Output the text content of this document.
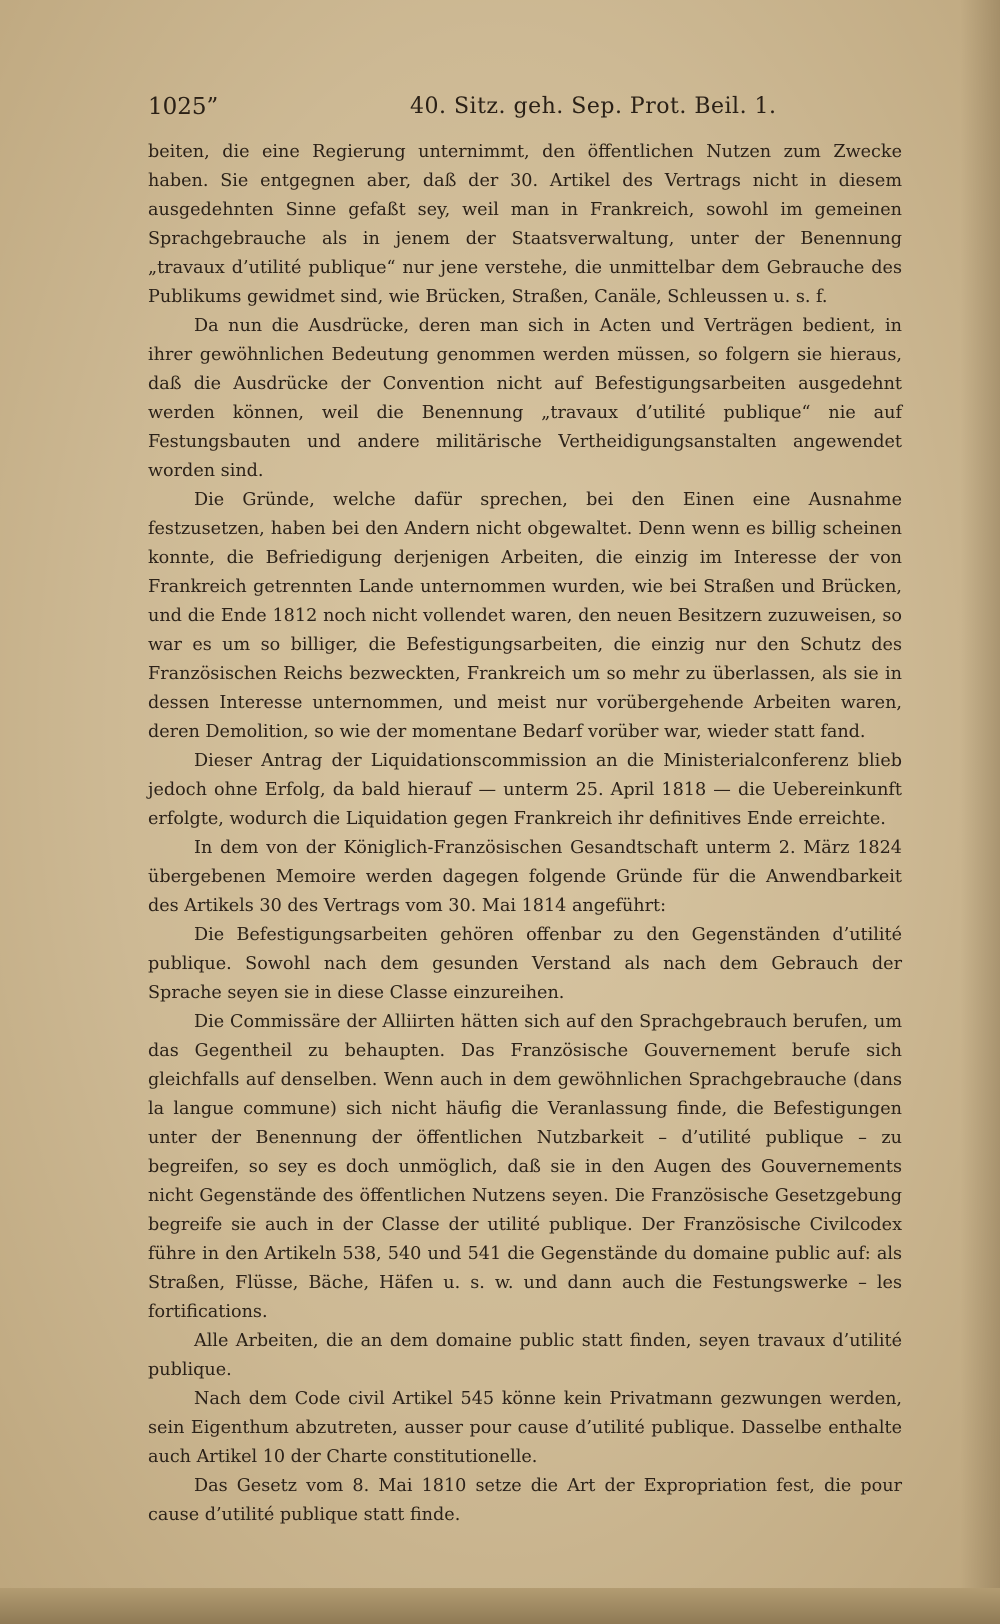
1025”	40. Sitz. geh. Sep. Prot. Beil. 1.

beiten, die eine Regierung unternimmt, den öffentlichen Nutzen zum Zwecke haben. Sie entgegnen aber, daß der 30. Artikel des Vertrags nicht in diesem ausgedehnten Sinne gefaßt sey, weil man in Frankreich, sowohl im gemeinen Sprachgebrauche als in jenem der Staatsverwaltung, unter der Benennung „travaux d’utilité publique“ nur jene verstehe, die unmittelbar dem Gebrauche des Publikums gewidmet sind, wie Brücken, Straßen, Canäle, Schleussen u. s. f.

Da nun die Ausdrücke, deren man sich in Acten und Verträgen bedient, in ihrer gewöhnlichen Bedeutung genommen werden müssen, so folgern sie hieraus, daß die Ausdrücke der Convention nicht auf Befestigungsarbeiten ausgedehnt werden können, weil die Benennung „travaux d’utilité publique“ nie auf Festungsbauten und andere militärische Vertheidigungsanstalten angewendet worden sind.

Die Gründe, welche dafür sprechen, bei den Einen eine Ausnahme festzusetzen, haben bei den Andern nicht obgewaltet. Denn wenn es billig scheinen konnte, die Befriedigung derjenigen Arbeiten, die einzig im Interesse der von Frankreich getrennten Lande unternommen wurden, wie bei Straßen und Brücken, und die Ende 1812 noch nicht vollendet waren, den neuen Besitzern zuzuweisen, so war es um so billiger, die Befestigungsarbeiten, die einzig nur den Schutz des Französischen Reichs bezweckten, Frankreich um so mehr zu überlassen, als sie in dessen Interesse unternommen, und meist nur vorübergehende Arbeiten waren, deren Demolition, so wie der momentane Bedarf vorüber war, wieder statt fand.

Dieser Antrag der Liquidationscommission an die Ministerialconferenz blieb jedoch ohne Erfolg, da bald hierauf — unterm 25. April 1818 — die Uebereinkunft erfolgte, wodurch die Liquidation gegen Frankreich ihr definitives Ende erreichte.

In dem von der Königlich-Französischen Gesandtschaft unterm 2. März 1824 übergebenen Memoire werden dagegen folgende Gründe für die Anwendbarkeit des Artikels 30 des Vertrags vom 30. Mai 1814 angeführt:

Die Befestigungsarbeiten gehören offenbar zu den Gegenständen d’utilité publique. Sowohl nach dem gesunden Verstand als nach dem Gebrauch der Sprache seyen sie in diese Classe einzureihen.

Die Commissäre der Alliirten hätten sich auf den Sprachgebrauch berufen, um das Gegentheil zu behaupten. Das Französische Gouvernement berufe sich gleichfalls auf denselben. Wenn auch in dem gewöhnlichen Sprachgebrauche (dans la langue commune) sich nicht häufig die Veranlassung finde, die Befestigungen unter der Benennung der öffentlichen Nutzbarkeit – d’utilité publique – zu begreifen, so sey es doch unmöglich, daß sie in den Augen des Gouvernements nicht Gegenstände des öffentlichen Nutzens seyen. Die Französische Gesetzgebung begreife sie auch in der Classe der utilité publique. Der Französische Civilcodex führe in den Artikeln 538, 540 und 541 die Gegenstände du domaine public auf: als Straßen, Flüsse, Bäche, Häfen u. s. w. und dann auch die Festungswerke – les fortifications.

Alle Arbeiten, die an dem domaine public statt finden, seyen travaux d’utilité publique.

Nach dem Code civil Artikel 545 könne kein Privatmann gezwungen werden, sein Eigenthum abzutreten, ausser pour cause d’utilité publique. Dasselbe enthalte auch Artikel 10 der Charte constitutionelle.

Das Gesetz vom 8. Mai 1810 setze die Art der Expropriation fest, die pour cause d’utilité publique statt finde.
